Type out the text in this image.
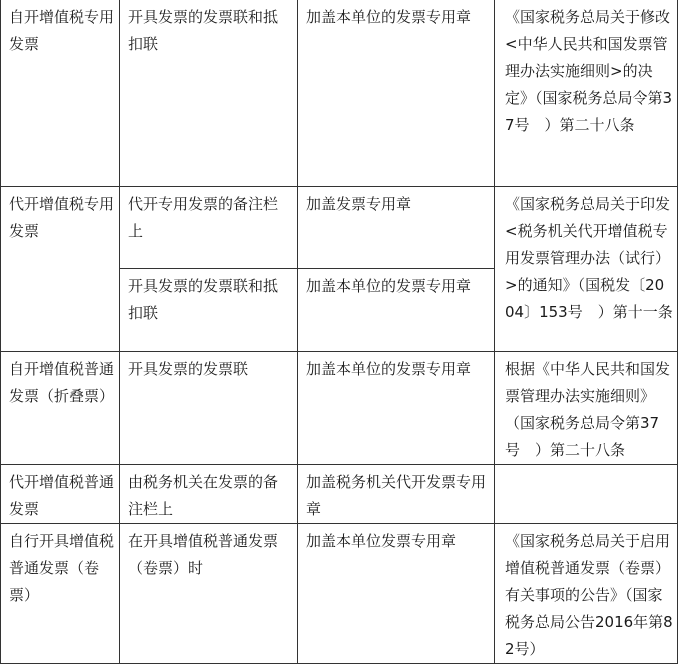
自开增值税专用发票	开具发票的发票联和抵扣联	加盖本单位的发票专用章	《国家税务总局关于修改<中华人民共和国发票管理办法实施细则>的决定》（国家税务总局令第37号　）第二十八条
代开增值税专用发票	代开专用发票的备注栏上	加盖发票专用章	《国家税务总局关于印发<税务机关代开增值税专用发票管理办法（试行）>的通知》（国税发〔2004〕153号　）第十一条
	开具发票的发票联和抵扣联	加盖本单位的发票专用章	
自开增值税普通发票（折叠票）	开具发票的发票联	加盖本单位的发票专用章	根据《中华人民共和国发票管理办法实施细则》（国家税务总局令第37号　）第二十八条
代开增值税普通发票	由税务机关在发票的备注栏上	加盖税务机关代开发票专用章	
自行开具增值税普通发票（卷票）	在开具增值税普通发票（卷票）时	加盖本单位发票专用章	《国家税务总局关于启用增值税普通发票（卷票）有关事项的公告》（国家税务总局公告2016年第82号）
